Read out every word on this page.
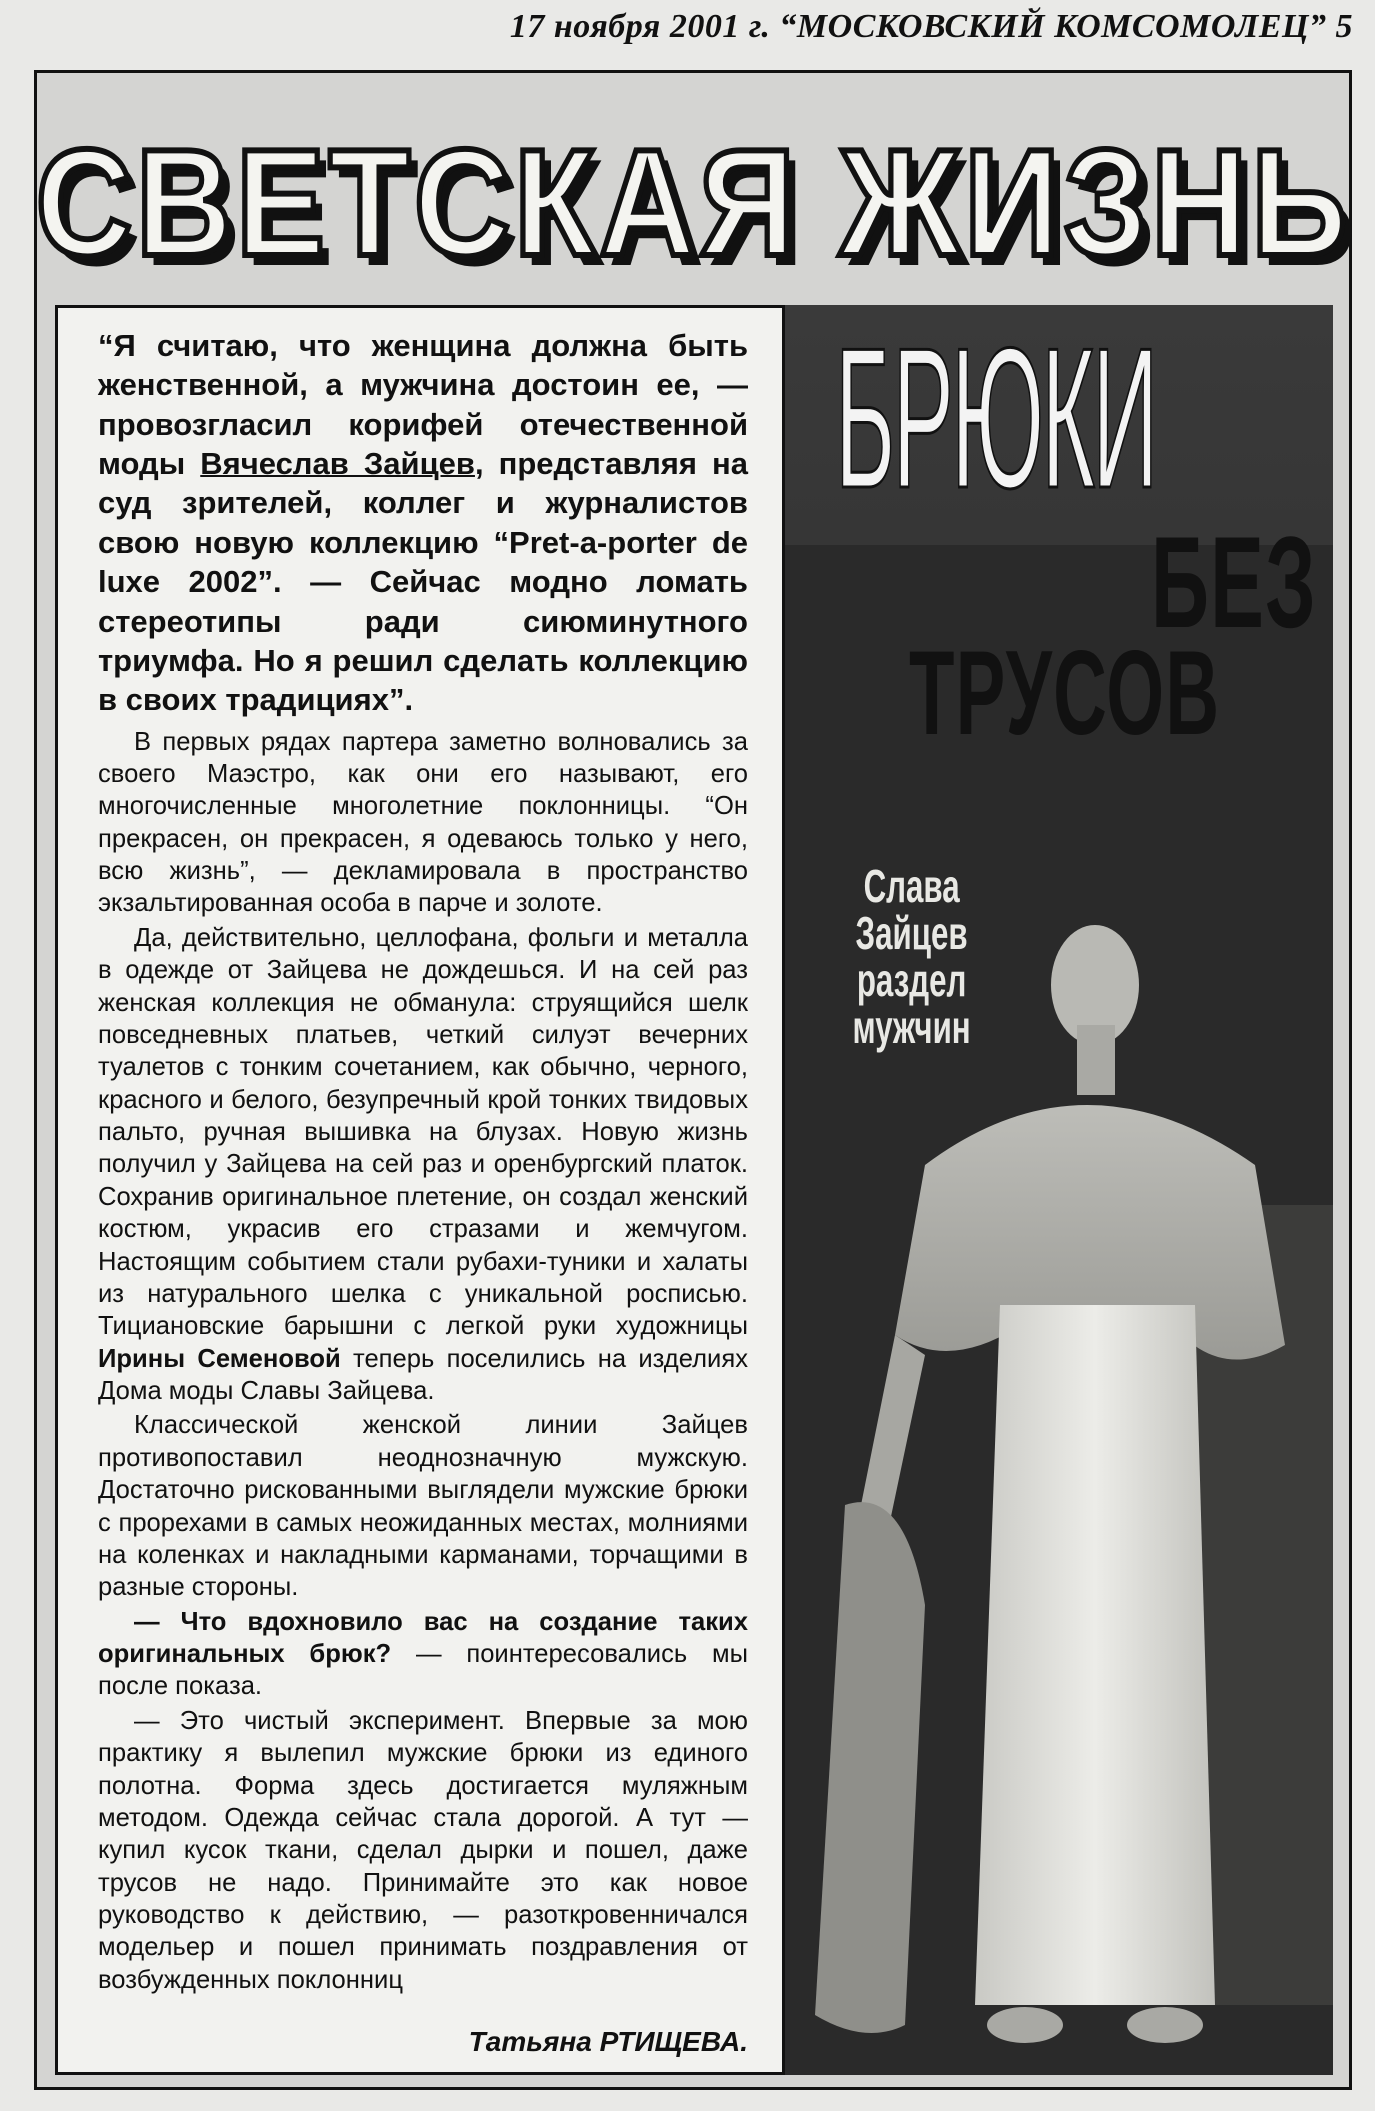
17 ноября 2001 г. “МОСКОВСКИЙ КОМСОМОЛЕЦ” 5
СВЕТСКАЯ ЖИЗНЬ

“Я считаю, что женщина должна быть женственной, а мужчина достоин ее, — провозгласил корифей отечественной моды Вячеслав Зайцев, представляя на суд зрителей, коллег и журналистов свою новую коллекцию “Pret-a-porter de luxe 2002”. — Сейчас модно ломать стереотипы ради сиюминутного триумфа. Но я решил сделать коллекцию в своих традициях”.

В первых рядах партера заметно волновались за своего Маэстро, как они его называют, его многочисленные многолетние поклонницы. “Он прекрасен, он прекрасен, я одеваюсь только у него, всю жизнь”, — декламировала в пространство экзальтированная особа в парче и золоте.

Да, действительно, целлофана, фольги и металла в одежде от Зайцева не дождешься. И на сей раз женская коллекция не обманула: струящийся шелк повседневных платьев, четкий силуэт вечерних туалетов с тонким сочетанием, как обычно, черного, красного и белого, безупречный крой тонких твидовых пальто, ручная вышивка на блузах. Новую жизнь получил у Зайцева на сей раз и оренбургский платок. Сохранив оригинальное плетение, он создал женский костюм, украсив его стразами и жемчугом. Настоящим событием стали рубахи-туники и халаты из натурального шелка с уникальной росписью. Тициановские барышни с легкой руки художницы Ирины Семеновой теперь поселились на изделиях Дома моды Славы Зайцева.

Классической женской линии Зайцев противопоставил неоднозначную мужскую. Достаточно рискованными выглядели мужские брюки с прорехами в самых неожиданных местах, молниями на коленках и накладными карманами, торчащими в разные стороны.

— Что вдохновило вас на создание таких оригинальных брюк? — поинтересовались мы после показа.

— Это чистый эксперимент. Впервые за мою практику я вылепил мужские брюки из единого полотна. Форма здесь достигается муляжным методом. Одежда сейчас стала дорогой. А тут — купил кусок ткани, сделал дырки и пошел, даже трусов не надо. Принимайте это как новое руководство к действию, — разоткровенничался модельер и пошел принимать поздравления от возбужденных поклонниц

Татьяна РТИЩЕВА.
БРЮКИ
БЕЗ
ТРУСОВ
Слава
Зайцев
раздел
мужчин
